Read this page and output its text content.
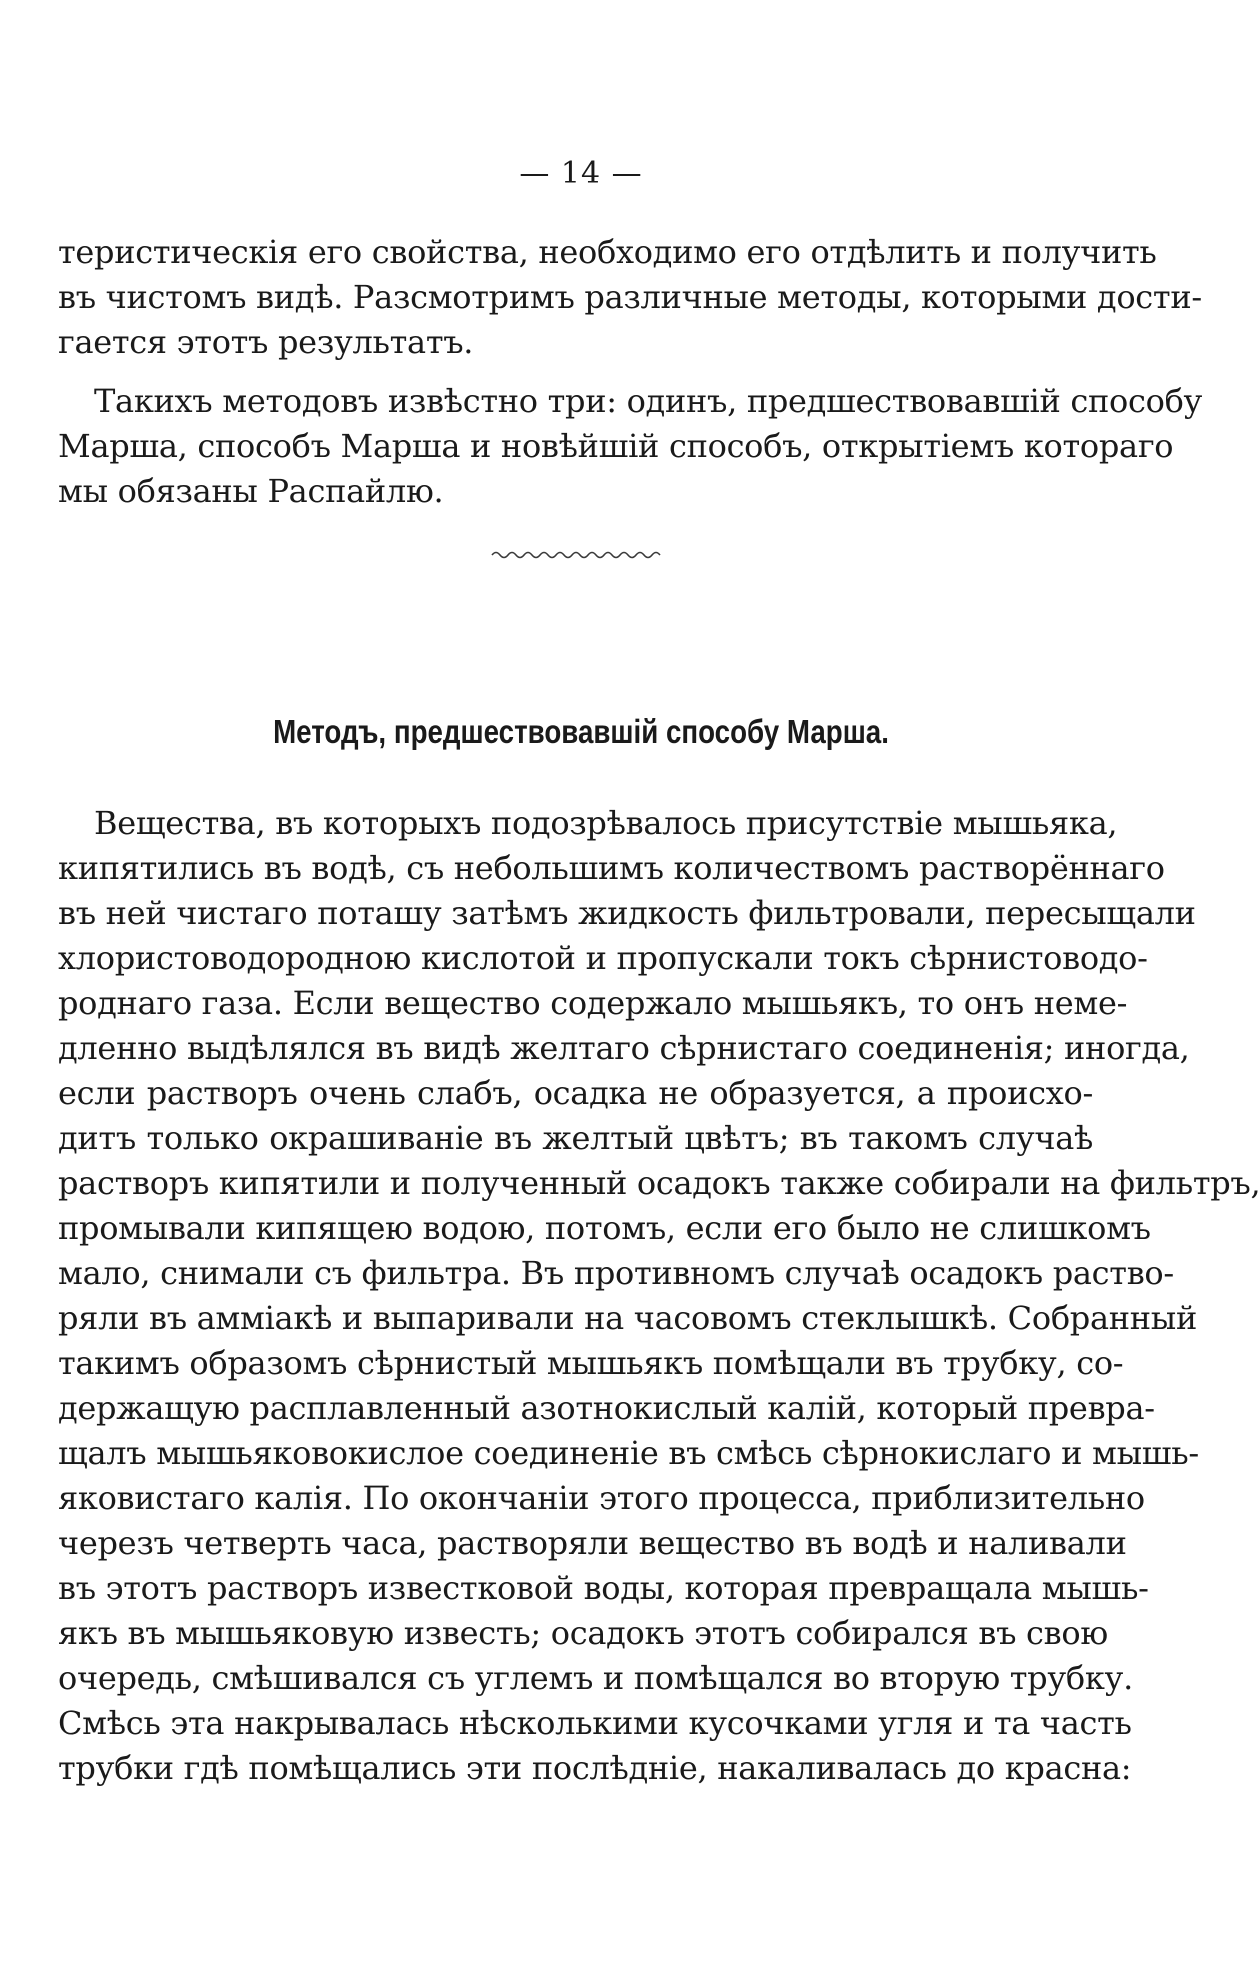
— 14 —
теристическія его свойства, необходимо его отдѣлить и получить
въ чистомъ видѣ. Разсмотримъ различные методы, которыми дости-
гается этотъ результатъ.
Такихъ методовъ извѣстно три: одинъ, предшествовавшій способу
Марша, способъ Марша и новѣйшій способъ, открытіемъ котораго
мы обязаны Распайлю.
Методъ, предшествовавшій способу Марша.
Вещества, въ которыхъ подозрѣвалось присутствіе мышьяка,
кипятились въ водѣ, съ небольшимъ количествомъ растворённаго
въ ней чистаго поташу затѣмъ жидкость фильтровали, пересыщали
хлористоводородною кислотой и пропускали токъ сѣрнистоводо-
роднаго газа. Если вещество содержало мышьякъ, то онъ неме-
дленно выдѣлялся въ видѣ желтаго сѣрнистаго соединенія; иногда,
если растворъ очень слабъ, осадка не образуется, а происхо-
дитъ только окрашиваніе въ желтый цвѣтъ; въ такомъ случаѣ
растворъ кипятили и полученный осадокъ также собирали на фильтръ,
промывали кипящею водою, потомъ, если его было не слишкомъ
мало, снимали съ фильтра. Въ противномъ случаѣ осадокъ раство-
ряли въ амміакѣ и выпаривали на часовомъ стеклышкѣ. Собранный
такимъ образомъ сѣрнистый мышьякъ помѣщали въ трубку, со-
держащую расплавленный азотнокислый калій, который превра-
щалъ мышьяковокислое соединеніе въ смѣсь сѣрнокислаго и мышь-
яковистаго калія. По окончаніи этого процесса, приблизительно
черезъ четверть часа, растворяли вещество въ водѣ и наливали
въ этотъ растворъ известковой воды, которая превращала мышь-
якъ въ мышьяковую известь; осадокъ этотъ собирался въ свою
очередь, смѣшивался съ углемъ и помѣщался во вторую трубку.
Смѣсь эта накрывалась нѣсколькими кусочками угля и та часть
трубки гдѣ помѣщались эти послѣдніе, накаливалась до красна:
